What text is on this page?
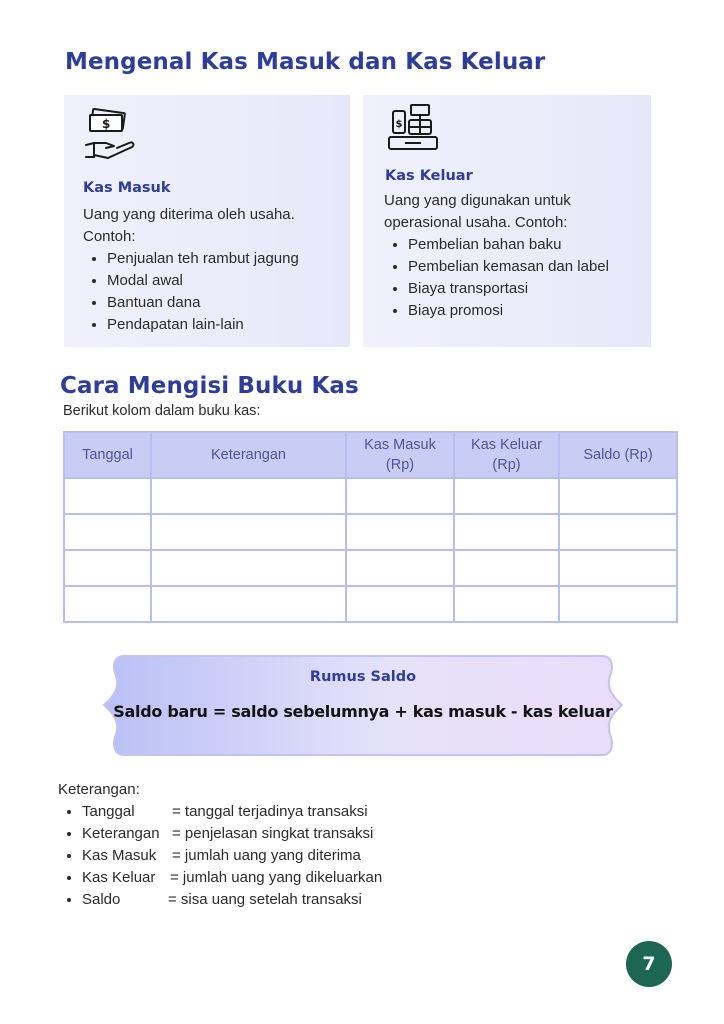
Mengenal Kas Masuk dan Kas Keluar
$
Kas Masuk
Uang yang diterima oleh usaha.
Contoh:
• Penjualan teh rambut jagung
• Modal awal
• Bantuan dana
• Pendapatan lain-lain
$
Kas Keluar
Uang yang digunakan untuk
operasional usaha. Contoh:
• Pembelian bahan baku
• Pembelian kemasan dan label
• Biaya transportasi
• Biaya promosi
Cara Mengisi Buku Kas
Berikut kolom dalam buku kas:
Tanggal	Keterangan	Kas Masuk (Rp)	Kas Keluar (Rp)	Saldo (Rp)

Rumus Saldo
Saldo baru = saldo sebelumnya + kas masuk - kas keluar
Keterangan:
• Tanggal = tanggal terjadinya transaksi
• Keterangan = penjelasan singkat transaksi
• Kas Masuk = jumlah uang yang diterima
• Kas Keluar = jumlah uang yang dikeluarkan
• Saldo	= sisa uang setelah transaksi
7
